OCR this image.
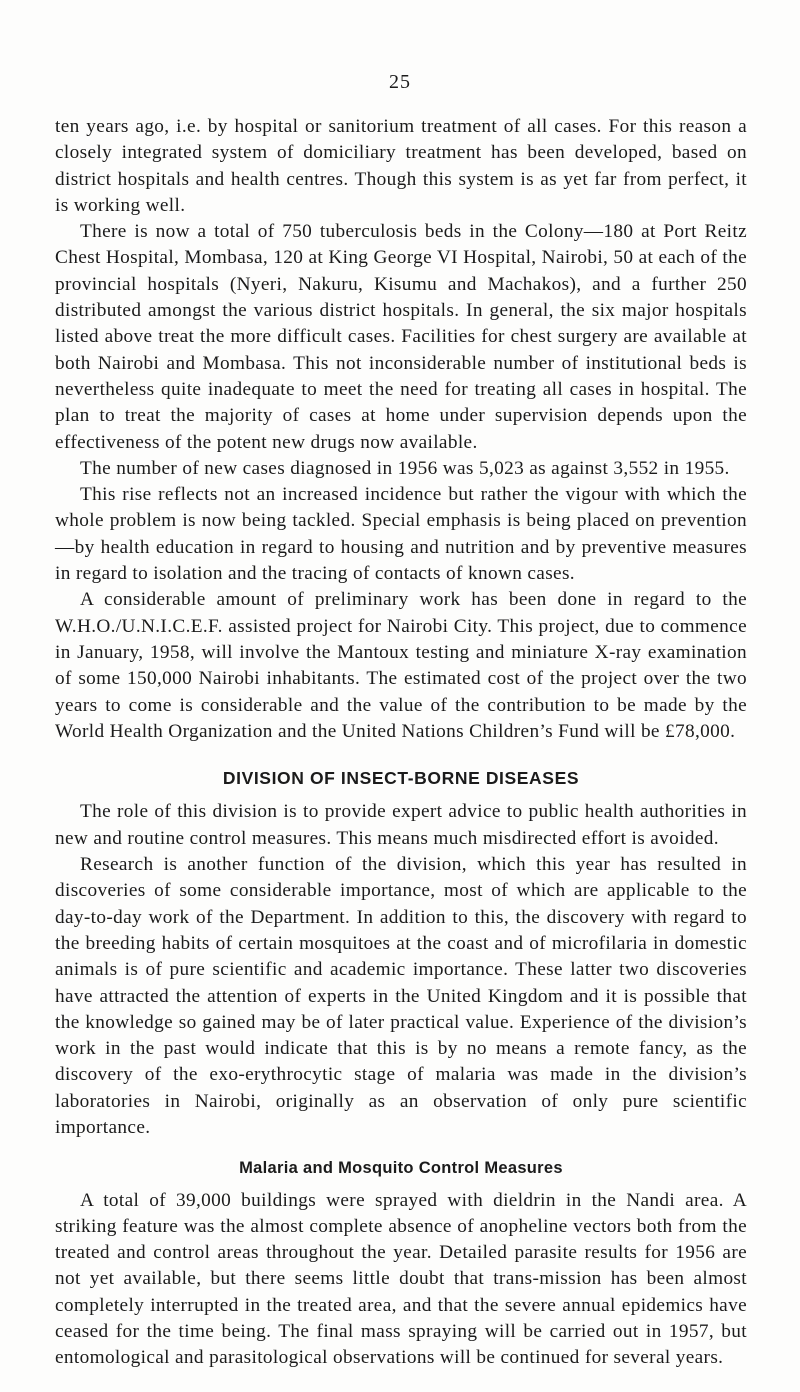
25

ten years ago, i.e. by hospital or sanitorium treatment of all cases. For this reason a closely integrated system of domiciliary treatment has been developed, based on district hospitals and health centres. Though this system is as yet far from perfect, it is working well.

There is now a total of 750 tuberculosis beds in the Colony—180 at Port Reitz Chest Hospital, Mombasa, 120 at King George VI Hospital, Nairobi, 50 at each of the provincial hospitals (Nyeri, Nakuru, Kisumu and Machakos), and a further 250 distributed amongst the various district hospitals. In general, the six major hospitals listed above treat the more difficult cases. Facilities for chest surgery are available at both Nairobi and Mombasa. This not inconsiderable number of institutional beds is nevertheless quite inadequate to meet the need for treating all cases in hospital. The plan to treat the majority of cases at home under supervision depends upon the effectiveness of the potent new drugs now available.

The number of new cases diagnosed in 1956 was 5,023 as against 3,552 in 1955.

This rise reflects not an increased incidence but rather the vigour with which the whole problem is now being tackled. Special emphasis is being placed on prevention—by health education in regard to housing and nutrition and by preventive measures in regard to isolation and the tracing of contacts of known cases.

A considerable amount of preliminary work has been done in regard to the W.H.O./U.N.I.C.E.F. assisted project for Nairobi City. This project, due to commence in January, 1958, will involve the Mantoux testing and miniature X-ray examination of some 150,000 Nairobi inhabitants. The estimated cost of the project over the two years to come is considerable and the value of the contribution to be made by the World Health Organization and the United Nations Children’s Fund will be £78,000.

DIVISION OF INSECT-BORNE DISEASES

The role of this division is to provide expert advice to public health authorities in new and routine control measures. This means much misdirected effort is avoided.

Research is another function of the division, which this year has resulted in discoveries of some considerable importance, most of which are applicable to the day-to-day work of the Department. In addition to this, the discovery with regard to the breeding habits of certain mosquitoes at the coast and of microfilaria in domestic animals is of pure scientific and academic importance. These latter two discoveries have attracted the attention of experts in the United Kingdom and it is possible that the knowledge so gained may be of later practical value. Experience of the division’s work in the past would indicate that this is by no means a remote fancy, as the discovery of the exo-erythrocytic stage of malaria was made in the division’s laboratories in Nairobi, originally as an observation of only pure scientific importance.

Malaria and Mosquito Control Measures

A total of 39,000 buildings were sprayed with dieldrin in the Nandi area. A striking feature was the almost complete absence of anopheline vectors both from the treated and control areas throughout the year. Detailed parasite results for 1956 are not yet available, but there seems little doubt that trans-mission has been almost completely interrupted in the treated area, and that the severe annual epidemics have ceased for the time being. The final mass spraying will be carried out in 1957, but entomological and parasitological observations will be continued for several years.
